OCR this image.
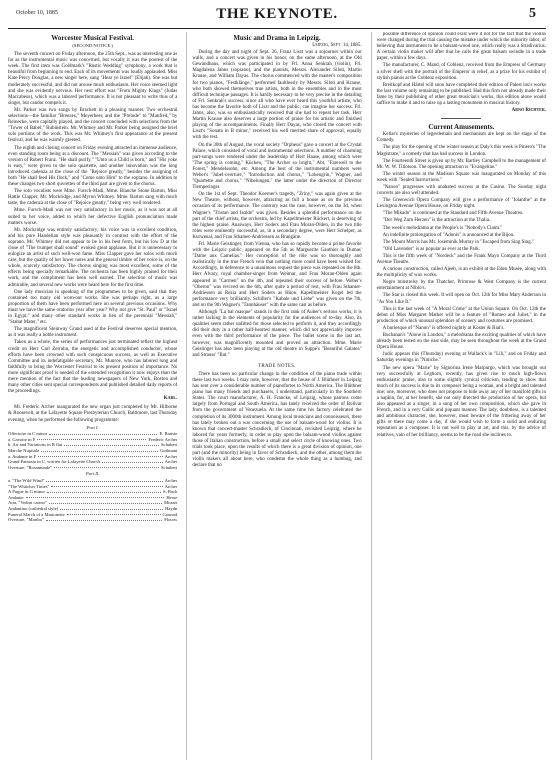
October 10, 1885	THE KEYNOTE.	5
Worcester Musical Festival.
(SECOND NOTICE.)

The seventh concert on Friday afternoon, the 25th Sept., was as interesting one as far as the instrumental music was concerned, but vocally it was the poorest of the week. The first item was Goldmark's "Rustic Wedding" symphony, a work that is beautiful from beginning to end. Each of its movements was loudly applauded. Miss Kate Percy Douglas, a new singer here, sang "Hear ye Israel" (Elijah). She was but moderately successful, and did not arouse much enthusiasm. Her voice seemed light and she was evidently nervous. Her next effort was "From Mighty Kings" (Judas Maccabeus), which was a labored performance. It is not pleasant to write thus of a singer, but candor compels it.

Mr. Parker was two songs by Brackett in a pleasing manner. Two orchestral selections—the familiar "Breezes," Meyerbeer, and the "Prelude" to "Manfred," by Reinecke, were capitally played, and the concert concluded with selections from the "Tower of Babel," Rubinstein. Mr. Whitney and Mr. Parker being assigned the brief solo portions of the work. This was Mr. Whitney's first appearance at the present festival, and he was warmly greeted.

The eighth and closing concert on Friday evening attracted an immense audience, even standing room being at a discount. The "Messiah" was given according to the version of Robert Franz. "He shall purify," "Unto us a Child is born," and "His yoke is easy," were given to the solo quartette, and another innovation was the long introduced cadenza at the close of the "Rejoice greatly," besides the assigning of both "He shall feed His flock," and "Come unto Him" to the soprano. In addition to these changes two short quvrettes of the third part are given to the chorus.

The solo vocalists were Mme. Fursch-Madi, Mme. Blanche Stone Barton, Miss Hattie Clapper, Mr. Mockridge, and Myron Whitney. Mme. Barton sang with much taste, the cadenza at the close of "Rejoice greatly," being very well rendered.

Mme. Fursch-Madi was not very satisfactory in her music, as it was not at all suited to her voice, added to which her defective English pronunciation made matters worse.

Mr. Mockridge was entirely satisfactory; his voice was in excellent condition, and his pure Handelian style was pleasantly in contrast with the effort of the soprano. Mr. Whitney did not appear to be in his best form, but his low D at the close of "The trumpet shall sound" evoked great applause. But it is unnecessary to eulogize an artist of such well-won fame. Miss Clapper gave her solos with much care, but the quality of her lower notes and the general timbre of her voice is, on the whole, scarcely satisfactory. The chorus singing was most excellent, some of the effects being specially remarkable. The orchestra has been highly praised for their work, and the compliment has been well earned. The selection of music was admirable, and several new works were heard here for the first time.

One lady musician in speaking of the programmes to be given, said that they contained too many old worn-out works. She was perhaps right, as a large proportion of them have been performed here on several previous occasions. Why must we have the same oratorios year after year? Why not give "St. Paul" or "Israel in Egypt," and many other standard works in lieu of the perennial "Messiah," "Stabat Mater," etc.

The magnificent Steinway Grand used at the Festival deserves special mention, as it was really a noble instrument.

Taken as a whole, the series of performances just terminated reflect the highest credit on Herr Carl Zerrahn, the energetic and accomplished conductor, whose efforts have been crowned with such conspicuous success, as well as Executive Committee and its indefatigable secretary, Mr. Munroe, who has labored long and faithfully to bring the Worcester Festival to its present position of importance. No more significant proof is needed of the extended recognition it now enjoys than the mere mention of the fact that the leading newspapers of New York, Boston and many other cities sent special correspondents and published detailed daily reports of the proceedings.

Karl.

Mr. Frederic Archer inaugurated the new organ just completed by Mr. Hilborne & Roosevelt, at the Lafayette Square Presbyterian Church, Baltimore, last Thursday evening, when he performed the following programme:

Part I.
Offertoire in C minor	E. Batiste
a. Gavotte in F	Frederic Archer
b. Air and Variations in B flat	Schubert
Marche Nuptiale	Guilmant
a. Andante in F	Archer
Grand Fantasia in C, written for Lafayette Church	Archer
Overture, "Rosamunde"	Schubert
Part II.
a. "The Wild Wind"	Archer
"The Whitcher Times"	Archer
A Fugue in G minor	S. Bach
Andante	Hesse
Aria, "Vedrai carino"	Mozart
Andantino (cathedral style)	Haydn
Funeral March of a Marionette	Gounod
Overture, "Martha"	Flotow
Music and Drama in Leipzig.

Leipzig, Sept. 14, 1885.

During the day and night of Sept. 26, Franz Liszt was a sojourner within our walls, and a concert was given in his honor, on the same afternoon, at the Old Gewandhaus, which was participated in by Frl. Anna Senkrah (violin), Frl. Magdalena Jahns (soprano), and the pianists, Messrs. Alexander Siloti, Martin Krause, and William Dayas. The chorus commenced with the master's composition for two pianos, "Festklänge," performed faultlessly by Messrs. Siloti and Krause, who both showed themselves true artists, both in the ensembles and in the most difficult technique passages. It is hardly necessary to be very precise in the detailing of Frl. Senkrah's success, since all who have ever heard this youthful artiste, who has become the favorite both of Liszt and the public, can imagine her success. Frl. Jahns, also, was so enthusiastically received that she had to repeat her task. Herr Martin Krause also deserves a large portion of praise for his artistic and finished playing of the accompaniments. Finally Herr Dayas, who closed the concert with Liszt's "Sonata in B minor," received his well merited share of approval, equally with the rest.

On the 30th of August, the vocal society "Orpheus" gave a concert at the Crystal Palace, which consisted of vocal and instrumental selections. A number of charming part-songs were rendered under the leadership of Herr Haase, among which were "The spring is coming," Kücken, "The Archer so bright," Abt, "Farewell to the Forest," Mendelssohn, etc. Among the best of the instrumental numbers were Weber's "Jubel-overture," "Introduction and chorus," "Lohengrin," Wagner, and "Quartette and chorus," "Nibelungen," the latter under the direction of Director Tiemperinger.

On the 1st of Sept. Theodor Koerner's tragedy, "Zriny," was again given at the New Theatre, without, however, attracting as full a house as on the previous occasion of its performance. The contrary was the case, however, on the 3d, when Wagner's "Tristan and Isolde" was given. Besides a splendid performance on the part of the chief artists, the orchestra, led by Kapellmeister Rückert, is deserving of the highest praise. Anaiways, Herr Soders and Frau Moran-Olden, in the two title rôles were eminently successful, as, in a secondary degree, were Herr Schelper, as Kurwenal, and Frau Sthamer-Andriessen as Brangäne.

Frl. Marie Geistinger, from Vienna, who has so rapidly become a prime favorite with the Leipzic public, appeared on the 5th as Marguerite Gauthier in Dumas' "Dame aux Camelias." Her conception of the rôle was so thoroughly and realistically in the true French vein that nothing more could have been wished for. Accordingly, in deference to a unanimous request the piece was repeated on the 8th. Herr Alvary, royal chamber-singer from Weimar, and Frau Moran-Olden again appeared in "Carmen" on the 4th, and repeated their success of before. Weber's "Oberon" was revived on the 6th, after quite a period of rest, with Frau Sthamer-Andriessen as Rezia and Herr Soders as Hüon. Kapellmeister Kogel led the performance very brilliantly. Schiller's "Kabale und Liebe" was given on the 7th, and on the 9th Wagner's "Tannhäuser" with the same cast as before.

Although "La bal masque" stands in the first rank of Auber's serious works, it is rather lacking in the elements of popularity for the audiences of to-day. Also, its qualities seem rather unfitted for those selected to perform it, and they accordingly did their duty in a rather half-hearted manner, which did not appreciably improve even with the third performance of the piece. The ballet scene in the last act, however, was magnificently mounted and proved an attraction. Mme. Marie Geistinger has also been playing at the old theatre in Suppé's "Beautiful Galatea" and Strauss' "Bat."

TRADE NOTES.

There has been no particular change in the condition of the piano trade within these last two weeks. I may note, however, that the house of J. Blüthner in Leipzig has sent over a considerable number of pianofortes to North America. The Blüthner piano has many friends and purchasers, I understand, particularly in the Southern States. The court manufacturer, A. H. Francke, of Leipzig, whose patrons come largely from Portugal and South America, has lately received the order of Bolivar from the government of Venezuela. At the same time his factory celebrated the completion of its 3000th instrument. Among local musicians and connoisseurs, there has lately broken out a war concerning the use of balsam-wood for violins. It is known that concert-master Schradieck, of Cincinnati, revisited Leipzig, where he labored for years formerly, in order to play upon the balsam-wood violins against those of Italian construction, before a small and select circle of knowing ones. Two trials took place, upon the results of which there is a great division of opinion, one part (and the minority) being in favor of Schradieck, and the other, among them the violin makers all about here, who condemn the whole thing as a humbug, and declare that no

possible difference of opinion could exist were it not for the fact that the violins were changed during the trial causing the mistake under which the minority labor, of believing that instrument to be a balsam-wood one, which really was a Stradivarius. A certain violin maker will after that be calls the great balsam swindle in a trade paper, within a few days.

The manufacturer, C. Mand, of Coblenz, received from the Empress of Germany a silver shell with the portrait of the Emperor in relief, as a prize for his exhibit of stylish pianos at the Coblenz exposition.

Breitkopf and Härtel will soon have completed their edition of Palest inu's works the last volume only remaining to be published. Had this firm not already made their fame by their publishing of other great musician's works, this edition alone would suffice to make it and to raise up a lasting monument in musical history.

Arno Richter.
Current Amusements.

Kellar's mysteries of legerdemain and mechanism are kept on the stage of the Comedy.

The play for the opening of the winter season at Daly's this week is Pinero's "The Magistrate," a comedy that has had success in London.

The Fourteenth Street is given up by Mr. Bartley Campbell to the management of Mr. W. W. Tillotson. The opening attraction is "Evangeline."

The winter season at the Madison Square was inaugurated on Monday of this week with "Sealed Instructions."

"Nanon" progresses with unabated success at the Casino. The Sunday night concerts are also well attended.

The Greenwich Opera Company will give a performance of "Iolanthe" at the Lexington Avenue Opera House, on Friday night.

"The Mikado" is continued at the Standard and Fifth Avenue Theatres.

"Der Weg Zum Herzen" is the attraction at the Thalia.

The week's melodrama at the People's is "Nobody's Claim."

An indefinite prolongation of "Adonis" is announced at the Bijou.

The Mount Morris has Mr. Joseminik Murray in "Escaped from Sing Sing."

"Old Lavender" is as popular as ever at the Park.

This is the fifth week of "Nordeck" and the Frank Mayo Company at the Third Avenue Theatre.

A curious construction, called Ajeeb, is an exhibit at the Eden Musée, along with the multiplicity of wax works.

Negro minstrelsy by the Thatcher, Primrose & West Company is the current entertainment at Niblo's.

The Star is closed this week. It will open on Oct. 12th for Miss Mary Anderson in "As You Like It."

This is the last week of "A Moral Crime" at the Union Square. On Oct. 12th the debut of Miss Margaret Mather will be a feature of "Romeo and Juliet," in the production of which unusual splendors of scenery and costumes are promised.

A burlesque of "Nanon" is offered nightly at Koster & Bial's.

Buchanan's "Alone in London," a melodrama the exciting qualities of which have already been tested on the east side, may be seen throughout the week at the Grand Opera House.

Judic appears this (Thursday) evening at Wallack's in "Lili," and on Friday and Saturday evenings in "Niniche."

The new opera "Marie" by Signorina Irene Marpurgo, which was brought out very successfully at Leghorn, recently, has given rise to much high-flown enthusiastic praise, also to some slightly cynical criticism, tending to show that much of its success is due to its composer being a woman, and a bright and talented one; one, moreover, who does not propose to hide away any of her manifold gifts in a napkin, for, at her benefit, she not only directed the production of her opera, but also appeared as a singer, in a song of her own composition, which she gave in French, and in a very Gallic and piquant manner. The lady, doubtless, is a talented and ambitious character, she, however, must beware of the frittering away of her gifts or there may come a day, if she would wish to form a solid and enduring reputation as a composer. It is not well to play at art, and this, by the advice of relatives, vain of her brilliancy, seems to be the road she inclines to.
